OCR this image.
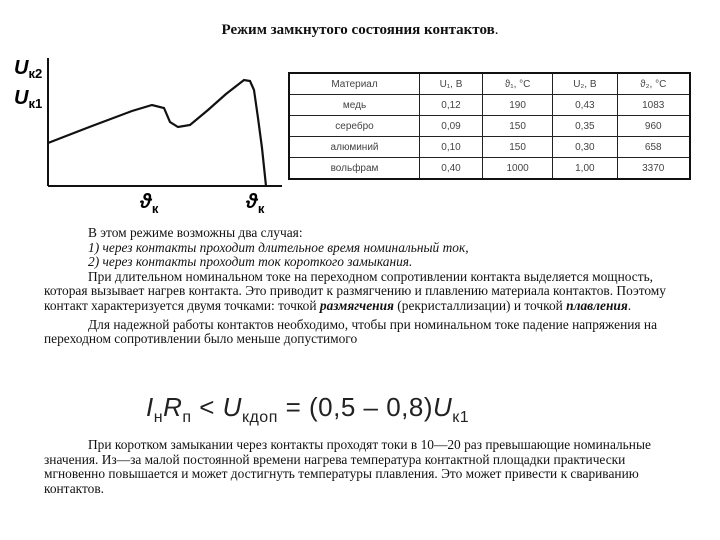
Режим замкнутого состояния контактов.
$U_{к2}$
$U_{к1}$
$ϑ_к$	$ϑ_к$
Материал	U₁, В	ϑ₁, °C	U₂, В	ϑ₂, °C
медь	0,12	190	0,43	1083
серебро	0,09	150	0,35	960
алюминий	0,10	150	0,30	658
вольфрам	0,40	1000	1,00	3370
В этом режиме возможны два случая:
1) через контакты проходит длительное время номинальный ток,
2) через контакты проходит ток короткого замыкания.
При длительном номинальном токе на переходном сопротивлении контакта выделяется мощность, которая вызывает нагрев контакта. Это приводит к размягчению и плавлению материала контактов. Поэтому контакт характеризуется двумя точками: точкой размягчения (рекристаллизации) и точкой плавления.
Для надежной работы контактов необходимо, чтобы при номинальном токе падение напряжения на переходном сопротивлении было меньше допустимого
$I_нR_п < U_{кдоп} = (0,5 - 0,8)U_{к1}$
При коротком замыкании через контакты проходят токи в 10—20 раз превышающие номинальные значения. Из—за малой постоянной времени нагрева температура контактной площадки практически мгновенно повышается и может достигнуть температуры плавления. Это может привести к свариванию контактов.
